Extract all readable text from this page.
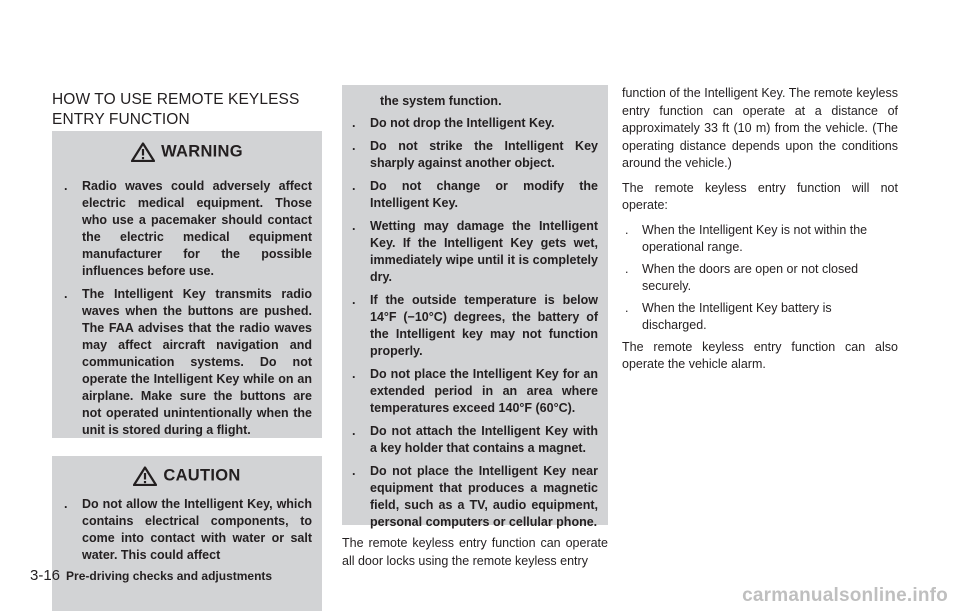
HOW TO USE REMOTE KEYLESS
ENTRY FUNCTION
WARNING
. Radio waves could adversely affect electric medical equipment. Those who use a pacemaker should contact the electric medical equipment manufacturer for the possible influences before use.
. The Intelligent Key transmits radio waves when the buttons are pushed. The FAA advises that the radio waves may affect aircraft navigation and communication systems. Do not operate the Intelligent Key while on an airplane. Make sure the buttons are not operated unintentionally when the unit is stored during a flight.
CAUTION
. Do not allow the Intelligent Key, which contains electrical components, to come into contact with water or salt water. This could affect
the system function.
. Do not drop the Intelligent Key.
. Do not strike the Intelligent Key sharply against another object.
. Do not change or modify the Intelligent Key.
. Wetting may damage the Intelligent Key. If the Intelligent Key gets wet, immediately wipe until it is completely dry.
. If the outside temperature is below 14°F (−10°C) degrees, the battery of the Intelligent key may not function properly.
. Do not place the Intelligent Key for an extended period in an area where temperatures exceed 140°F (60°C).
. Do not attach the Intelligent Key with a key holder that contains a magnet.
. Do not place the Intelligent Key near equipment that produces a magnetic field, such as a TV, audio equipment, personal computers or cellular phone.

The remote keyless entry function can operate all door locks using the remote keyless entry

function of the Intelligent Key. The remote keyless entry function can operate at a distance of approximately 33 ft (10 m) from the vehicle. (The operating distance depends upon the conditions around the vehicle.)

The remote keyless entry function will not operate:

. When the Intelligent Key is not within the operational range.
. When the doors are open or not closed securely.
. When the Intelligent Key battery is discharged.

The remote keyless entry function can also operate the vehicle alarm.

3-16 Pre-driving checks and adjustments
carmanualsonline.info
